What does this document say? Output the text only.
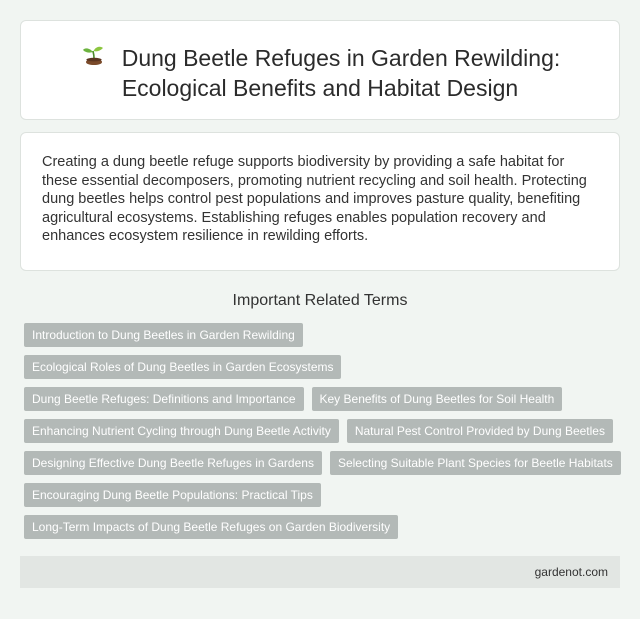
Dung Beetle Refuges in Garden Rewilding:
Ecological Benefits and Habitat Design

Creating a dung beetle refuge supports biodiversity by providing a safe habitat for these essential decomposers, promoting nutrient recycling and soil health. Protecting dung beetles helps control pest populations and improves pasture quality, benefiting agricultural ecosystems. Establishing refuges enables population recovery and enhances ecosystem resilience in rewilding efforts.

Important Related Terms
Introduction to Dung Beetles in Garden Rewilding
Ecological Roles of Dung Beetles in Garden Ecosystems
Dung Beetle Refuges: Definitions and Importance	Key Benefits of Dung Beetles for Soil Health
Enhancing Nutrient Cycling through Dung Beetle Activity	Natural Pest Control Provided by Dung Beetles
Designing Effective Dung Beetle Refuges in Gardens	Selecting Suitable Plant Species for Beetle Habitats
Encouraging Dung Beetle Populations: Practical Tips
Long-Term Impacts of Dung Beetle Refuges on Garden Biodiversity
gardenot.com
